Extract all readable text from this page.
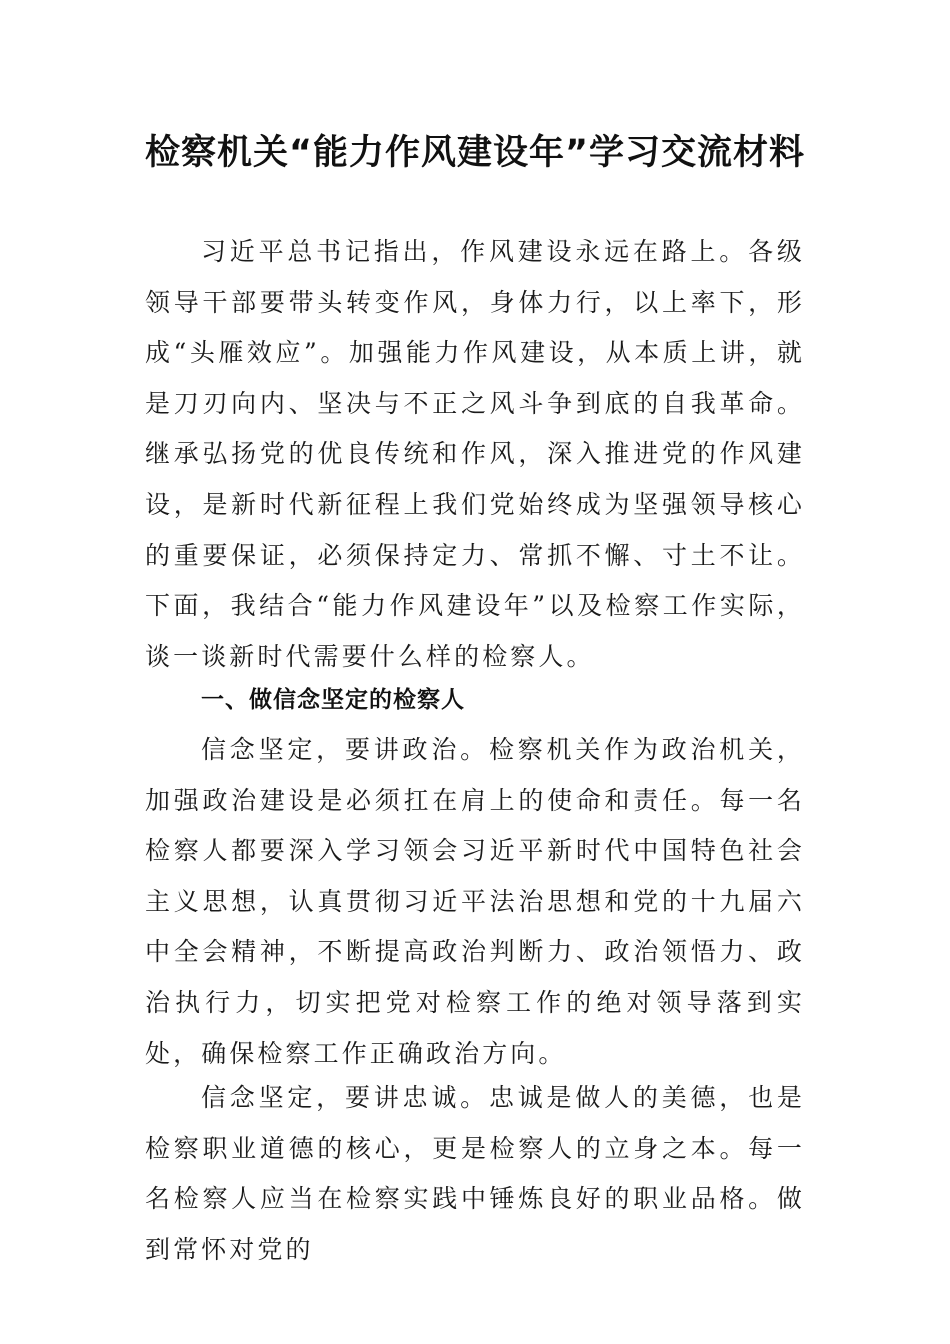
检察机关“能力作风建设年”学习交流材料

习近平总书记指出，作风建设永远在路上。各级领导干部要带头转变作风，身体力行，以上率下，形成“头雁效应”。加强能力作风建设，从本质上讲，就是刀刃向内、坚决与不正之风斗争到底的自我革命。继承弘扬党的优良传统和作风，深入推进党的作风建设，是新时代新征程上我们党始终成为坚强领导核心的重要保证，必须保持定力、常抓不懈、寸土不让。下面，我结合“能力作风建设年”以及检察工作实际，谈一谈新时代需要什么样的检察人。

一、做信念坚定的检察人

信念坚定，要讲政治。检察机关作为政治机关，加强政治建设是必须扛在肩上的使命和责任。每一名检察人都要深入学习领会习近平新时代中国特色社会主义思想，认真贯彻习近平法治思想和党的十九届六中全会精神，不断提高政治判断力、政治领悟力、政治执行力，切实把党对检察工作的绝对领导落到实处，确保检察工作正确政治方向。

信念坚定，要讲忠诚。忠诚是做人的美德，也是检察职业道德的核心，更是检察人的立身之本。每一名检察人应当在检察实践中锤炼良好的职业品格。做到常怀对党的
